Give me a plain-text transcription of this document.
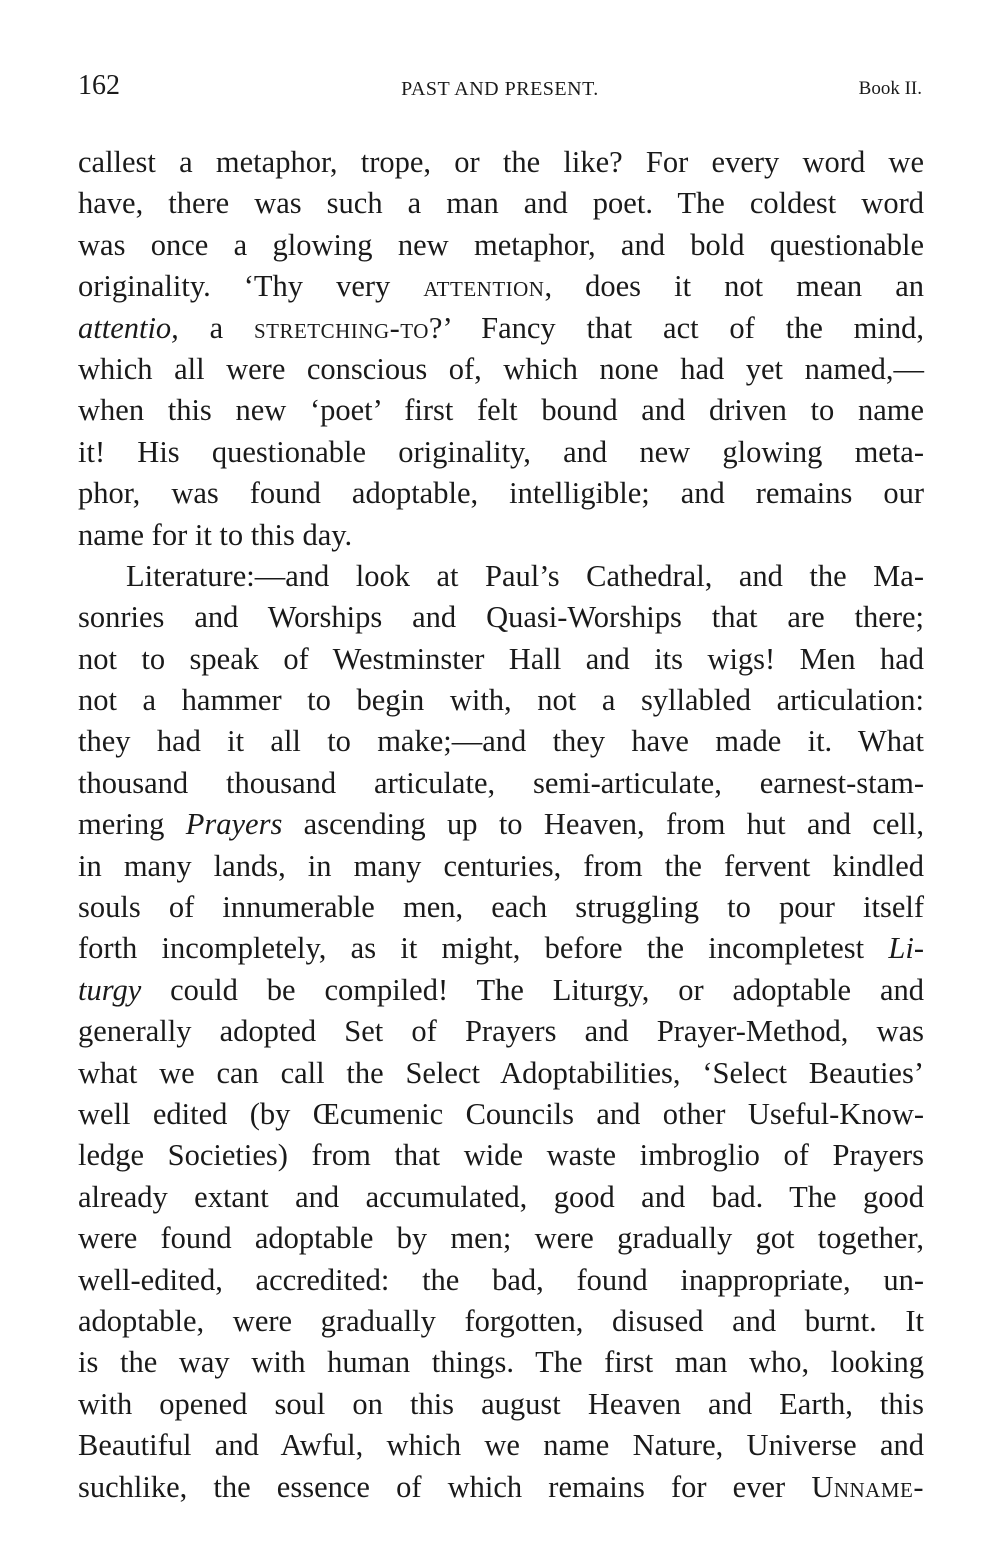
162	PAST AND PRESENT.	Book II.
callest a metaphor, trope, or the like? For every word we
have, there was such a man and poet. The coldest word
was once a glowing new metaphor, and bold questionable
originality. ‘Thy very attention, does it not mean an
attentio, a stretching-to?’ Fancy that act of the mind,
which all were conscious of, which none had yet named,—
when this new ‘poet’ first felt bound and driven to name
it! His questionable originality, and new glowing meta-
phor, was found adoptable, intelligible; and remains our
name for it to this day.
Literature:—and look at Paul’s Cathedral, and the Ma-
sonries and Worships and Quasi-Worships that are there;
not to speak of Westminster Hall and its wigs! Men had
not a hammer to begin with, not a syllabled articulation:
they had it all to make;—and they have made it. What
thousand thousand articulate, semi-articulate, earnest-stam-
mering Prayers ascending up to Heaven, from hut and cell,
in many lands, in many centuries, from the fervent kindled
souls of innumerable men, each struggling to pour itself
forth incompletely, as it might, before the incompletest Li-
turgy could be compiled! The Liturgy, or adoptable and
generally adopted Set of Prayers and Prayer-Method, was
what we can call the Select Adoptabilities, ‘Select Beauties’
well edited (by Œcumenic Councils and other Useful-Know-
ledge Societies) from that wide waste imbroglio of Prayers
already extant and accumulated, good and bad. The good
were found adoptable by men; were gradually got together,
well-edited, accredited: the bad, found inappropriate, un-
adoptable, were gradually forgotten, disused and burnt. It
is the way with human things. The first man who, looking
with opened soul on this august Heaven and Earth, this
Beautiful and Awful, which we name Nature, Universe and
suchlike, the essence of which remains for ever Unname-
